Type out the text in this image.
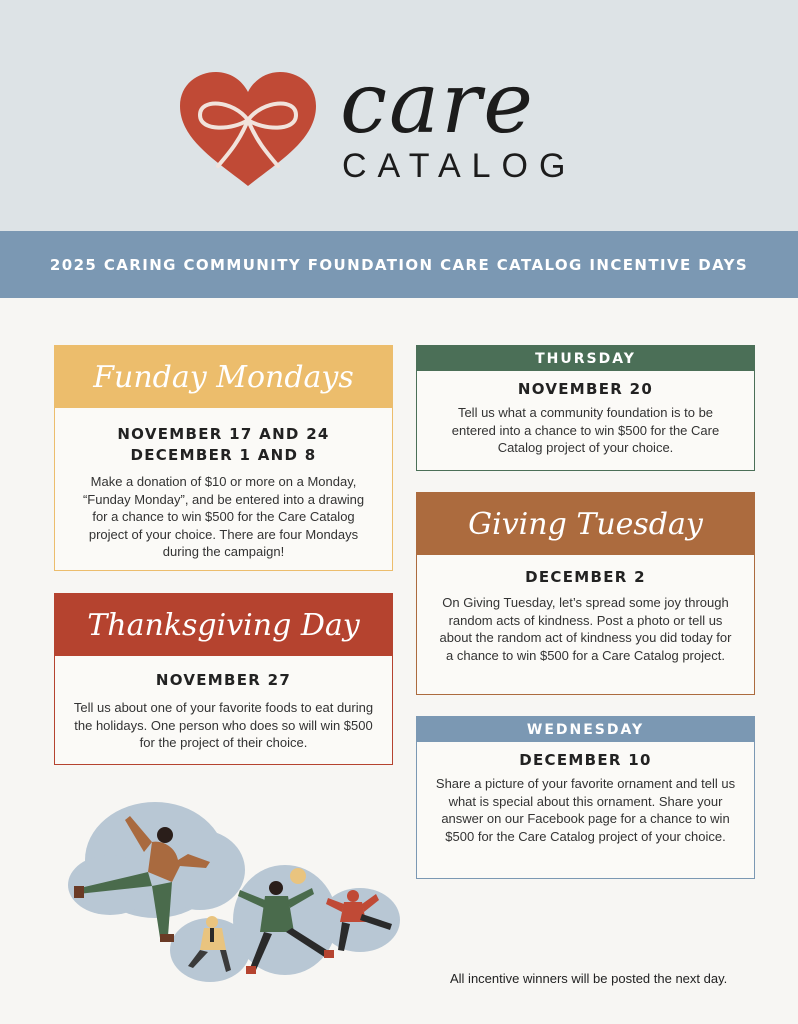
care
CATALOG
2025 CARING COMMUNITY FOUNDATION CARE CATALOG INCENTIVE DAYS
Funday Mondays
NOVEMBER 17 AND 24
DECEMBER 1 AND 8
Make a donation of $10 or more on a Monday, “Funday Monday”, and be entered into a drawing for a chance to win $500 for the Care Catalog project of your choice. There are four Mondays during the campaign!
Thanksgiving Day
NOVEMBER 27
Tell us about one of your favorite foods to eat during the holidays. One person who does so will win $500 for the project of their choice.
THURSDAY
NOVEMBER 20
Tell us what a community foundation is to be entered into a chance to win $500 for the Care Catalog project of your choice.
Giving Tuesday
DECEMBER 2
On Giving Tuesday, let’s spread some joy through random acts of kindness. Post a photo or tell us about the random act of kindness you did today for a chance to win $500 for a Care Catalog project.
WEDNESDAY
DECEMBER 10
Share a picture of your favorite ornament and tell us what is special about this ornament. Share your answer on our Facebook page for a chance to win $500 for the Care Catalog project of your choice.
All incentive winners will be posted the next day.
